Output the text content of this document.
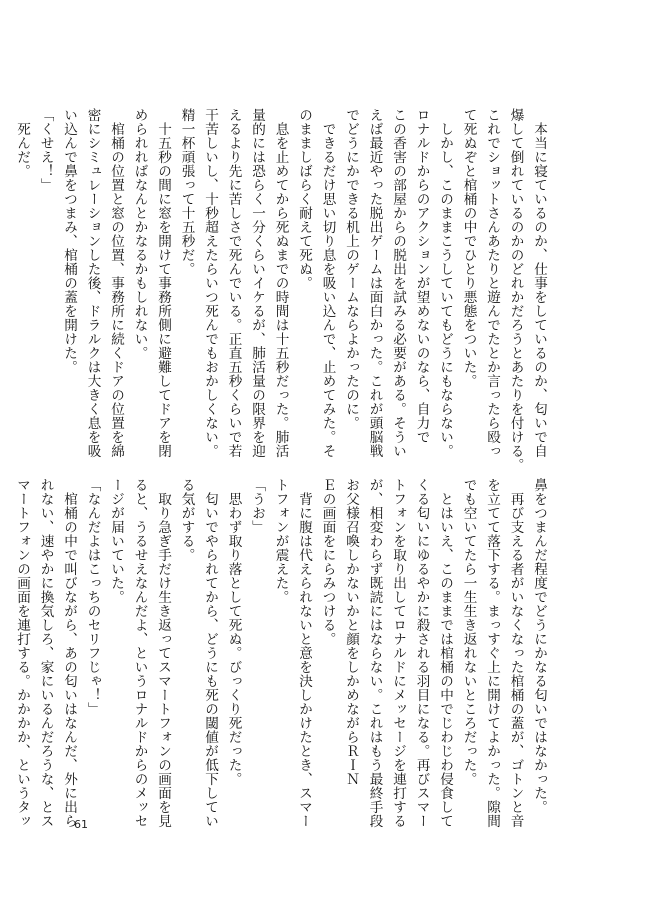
　本当に寝ているのか、仕事をしているのか、匂いで自
爆して倒れているのかのどれかだろうとあたりを付ける。
これでショットさんあたりと遊んでたとか言ったら殴っ
て死ぬぞと棺桶の中でひとり悪態をついた。
　しかし、このままこうしていてもどうにもならない。
ロナルドからのアクションが望めないのなら、自力で
この香害の部屋からの脱出を試みる必要がある。そうい
えば最近やった脱出ゲームは面白かった。これが頭脳戦
でどうにかできる机上のゲームならよかったのに。
　できるだけ思い切り息を吸い込んで、止めてみた。そ
のまましばらく耐えて死ぬ。
　息を止めてから死ぬまでの時間は十五秒だった。肺活
量的には恐らく一分くらいイケるが、肺活量の限界を迎
えるより先に苦しさで死んでいる。正直五秒くらいで若
干苦しいし、十秒超えたらいつ死んでもおかしくない。
精一杯頑張って十五秒だ。
　十五秒の間に窓を開けて事務所側に避難してドアを閉
められればなんとかなるかもしれない。
　棺桶の位置と窓の位置、事務所に続くドアの位置を綿
密にシミュレーションした後、ドラルクは大きく息を吸
い込んで鼻をつまみ、棺桶の蓋を開けた。
「くせえ！」
　死んだ。
鼻をつまんだ程度でどうにかなる匂いではなかった。
　再び支える者がいなくなった棺桶の蓋が、ゴトンと音
を立てて落下する。まっすぐ上に開けてよかった。隙間
でも空いてたら一生生き返れないところだった。
　とはいえ、このままでは棺桶の中でじわじわ侵食して
くる匂いにゆるやかに殺される羽目になる。再びスマー
トフォンを取り出してロナルドにメッセージを連打する
が、相変わらず既読にはならない。これはもう最終手段
お父様召喚しかないかと顔をしかめながらＲＩＮ
Ｅの画面をにらみつける。
　背に腹は代えられないと意を決しかけたとき、スマー
トフォンが震えた。
「うお」
　思わず取り落として死ぬ。びっくり死だった。
　匂いでやられてから、どうにも死の閾値が低下してい
る気がする。
　取り急ぎ手だけ生き返ってスマートフォンの画面を見
ると、うるせえなんだよ、というロナルドからのメッセ
ージが届いていた。
「なんだよはこっちのセリフじゃ！」
　棺桶の中で叫びながら、あの匂いはなんだ、外に出ら
れない、速やかに換気しろ、家にいるんだろうな、とス
マートフォンの画面を連打する。かかかか、というタッ	61
